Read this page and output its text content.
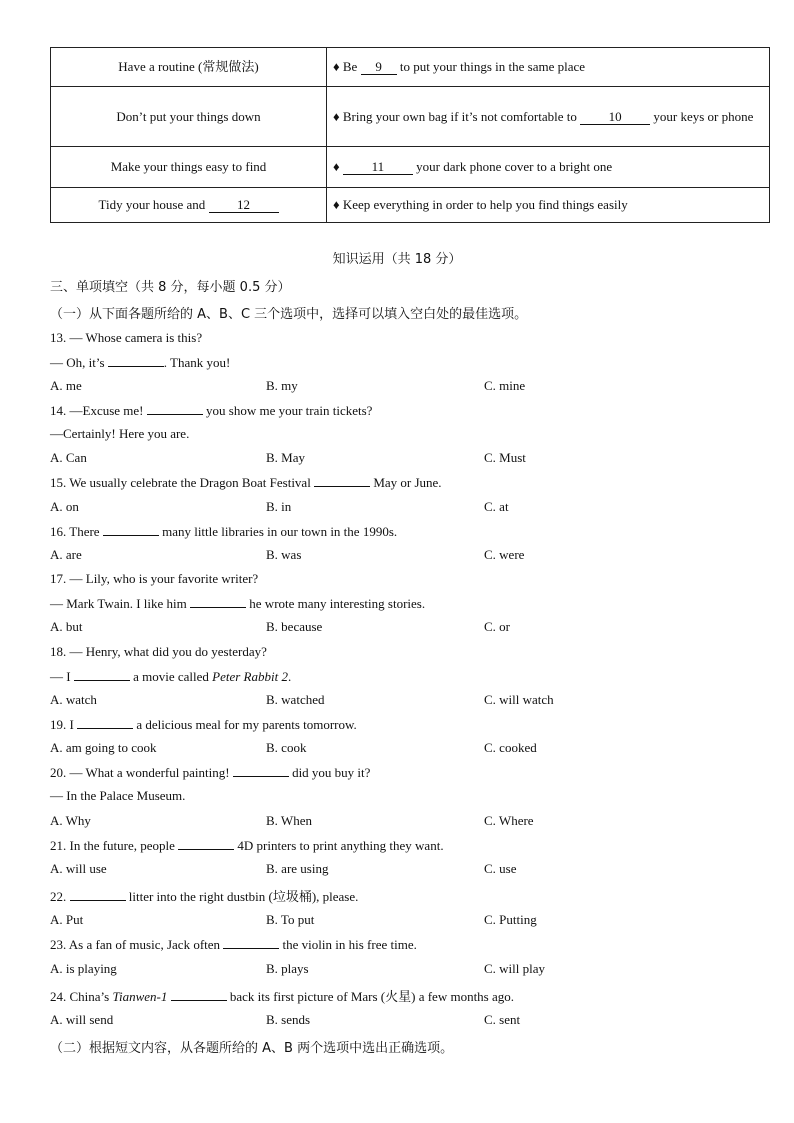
Have a routine (常规做法)	♦ Be 9 to put your things in the same place
Don’t put your things down	♦ Bring your own bag if it’s not comfortable to 10 your keys or phone
Make your things easy to find	♦ 11 your dark phone cover to a bright one
Tidy your house and 12	♦ Keep everything in order to help you find things easily
知识运用（共 18 分）
三、单项填空（共 8 分，每小题 0.5 分）
（一）从下面各题所给的 A、B、C 三个选项中，选择可以填入空白处的最佳选项。
13. — Whose camera is this?
— Oh, it’s	. Thank you!
A. me	B. my	C. mine
14. —Excuse me!	you show me your train tickets?
—Certainly! Here you are.
A. Can	B. May	C. Must
15. We usually celebrate the Dragon Boat Festival	May or June.
A. on	B. in	C. at
16. There	many little libraries in our town in the 1990s.
A. are	B. was	C. were
17. — Lily, who is your favorite writer?
— Mark Twain. I like him	he wrote many interesting stories.
A. but	B. because	C. or
18. — Henry, what did you do yesterday?
— I	a movie called Peter Rabbit 2.
A. watch	B. watched	C. will watch
19. I	a delicious meal for my parents tomorrow.
A. am going to cook	B. cook	C. cooked
20. — What a wonderful painting!	did you buy it?
— In the Palace Museum.
A. Why	B. When	C. Where
21. In the future, people	4D printers to print anything they want.
A. will use	B. are using	C. use
22.	litter into the right dustbin (垃圾桶), please.
A. Put	B. To put	C. Putting
23. As a fan of music, Jack often	the violin in his free time.
A. is playing	B. plays	C. will play
24. China’s Tianwen-1	back its first picture of Mars (火星) a few months ago.
A. will send	B. sends	C. sent
（二）根据短文内容，从各题所给的 A、B 两个选项中选出正确选项。
